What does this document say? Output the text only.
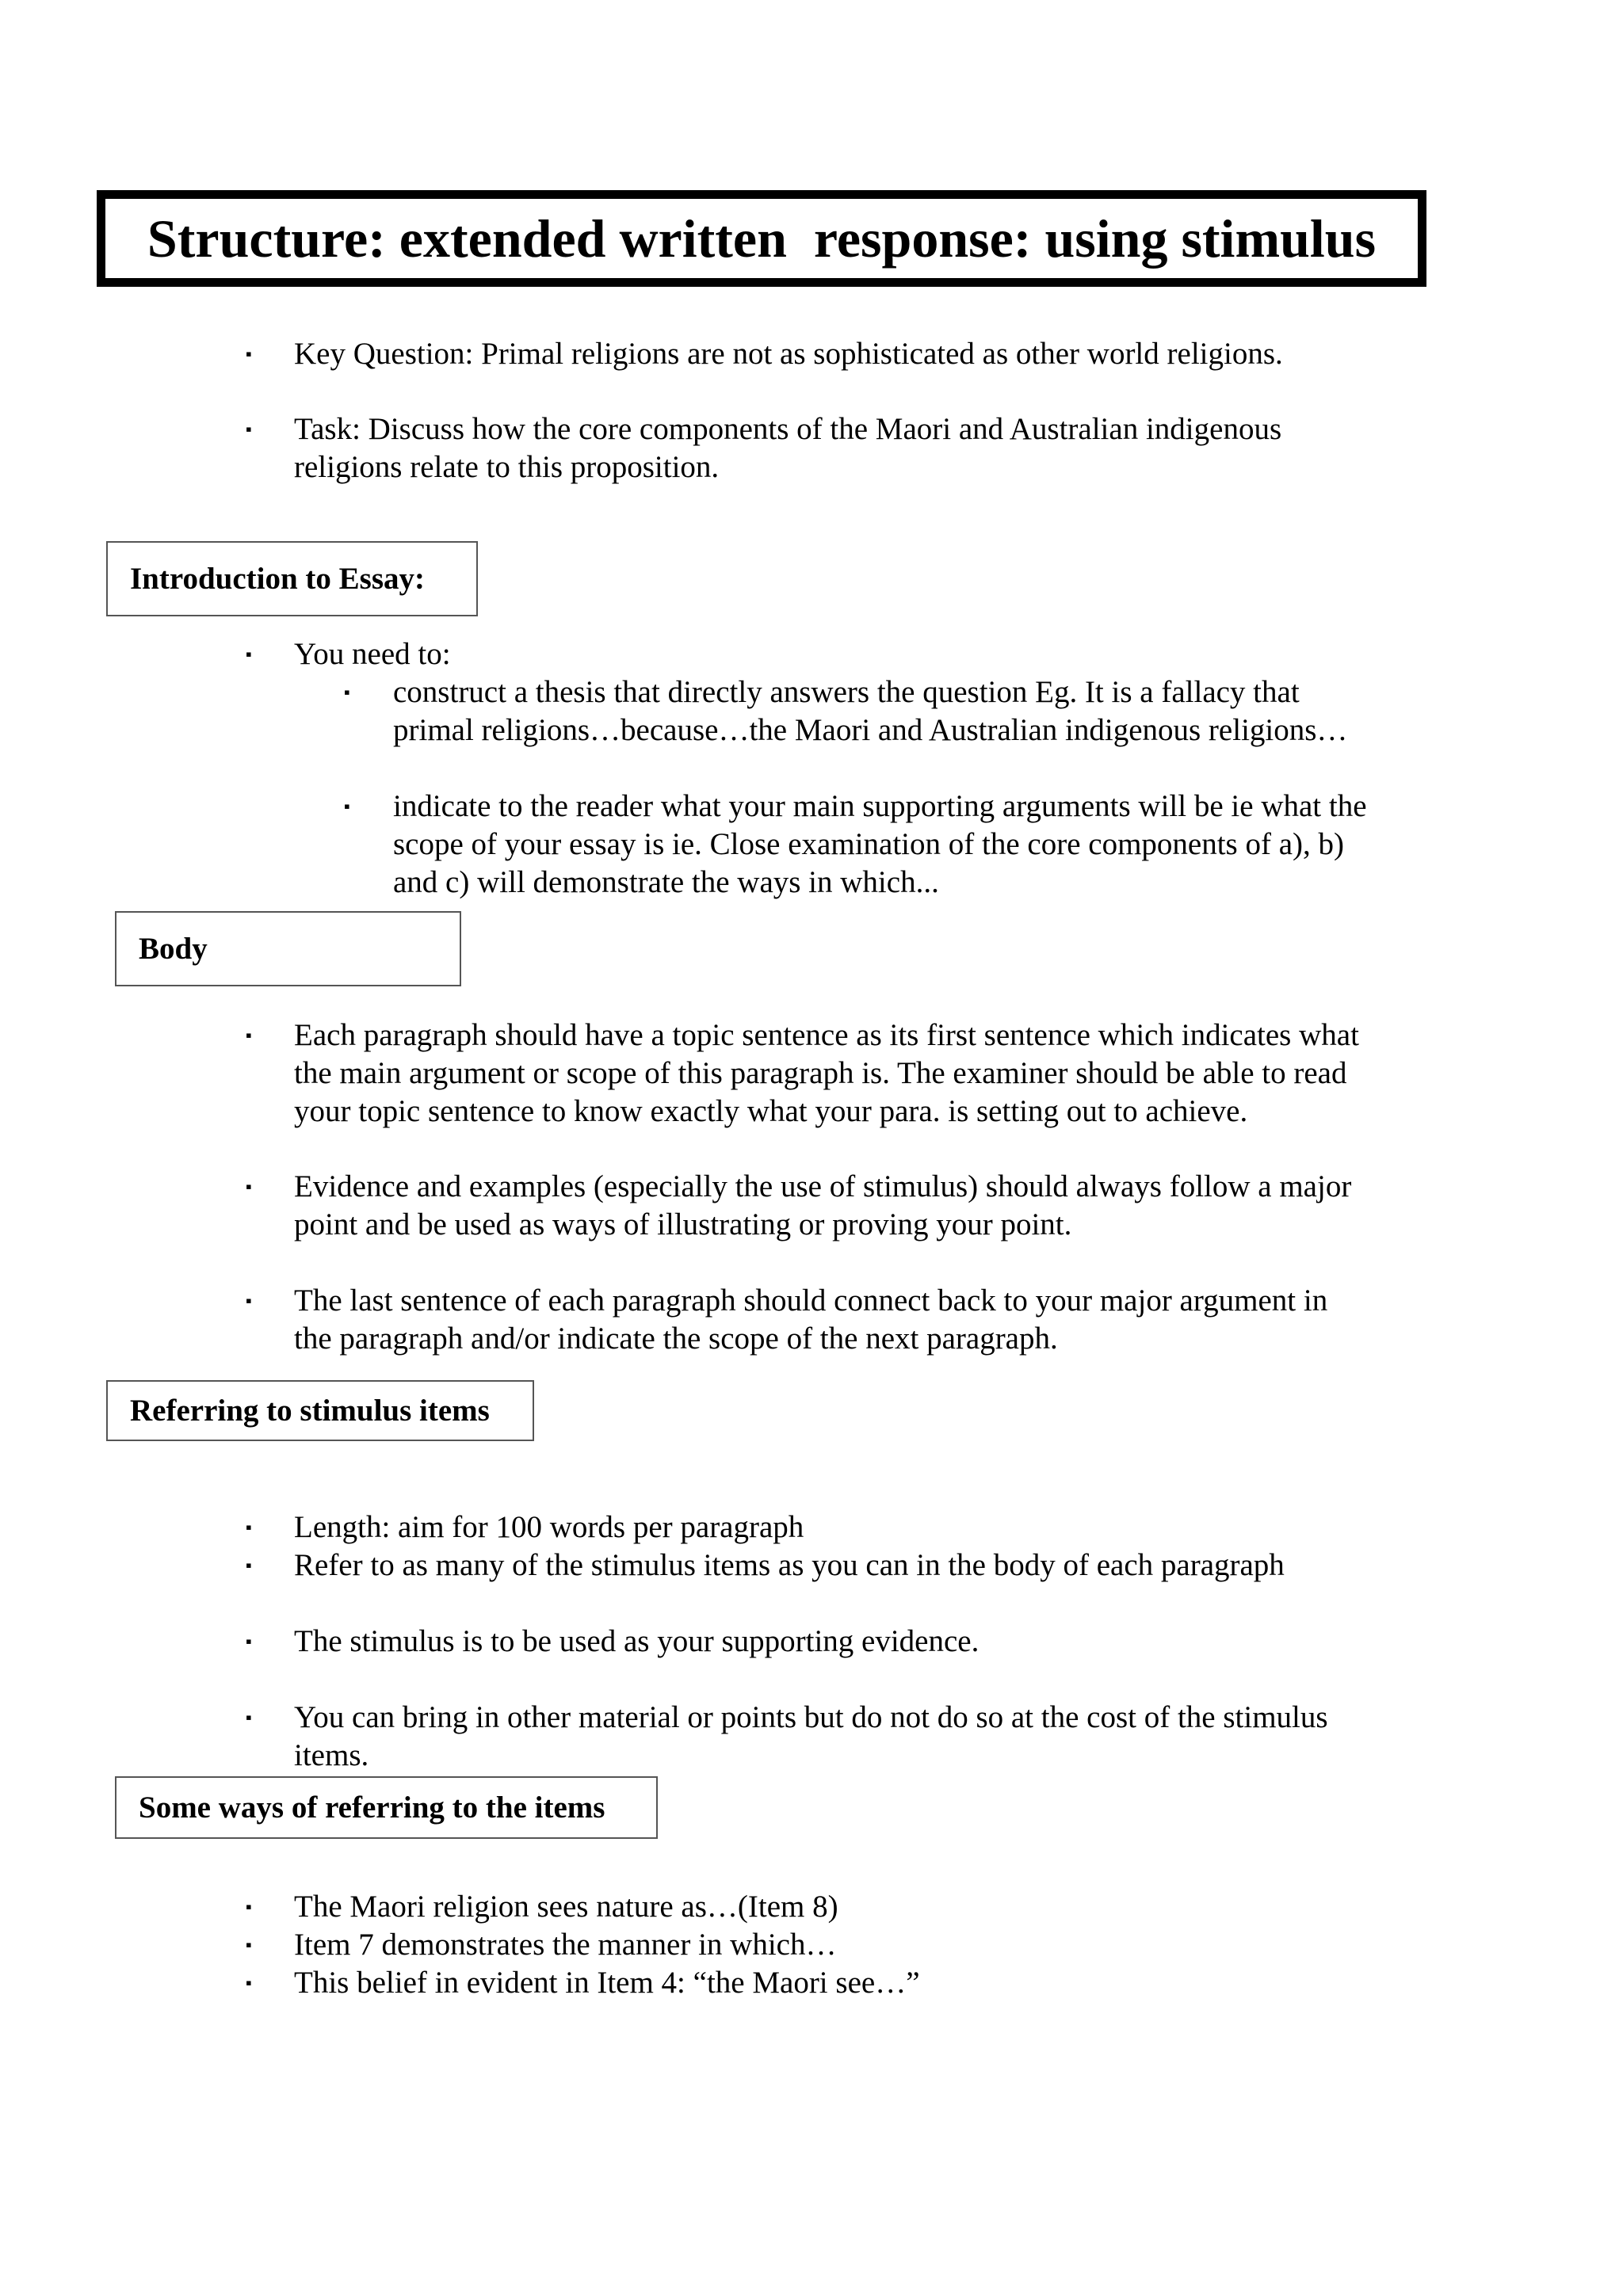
Structure: extended written  response: using stimulus
▪	Key Question: Primal religions are not as sophisticated as other world religions.
▪	Task: Discuss how the core components of the Maori and Australian indigenous
religions relate to this proposition.
Introduction to Essay:
▪	You need to:
▪	construct a thesis that directly answers the question Eg. It is a fallacy that
primal religions…because…the Maori and Australian indigenous religions…
▪	indicate to the reader what your main supporting arguments will be ie what the
scope of your essay is ie. Close examination of the core components of a), b)
and c) will demonstrate the ways in which...
Body
▪	Each paragraph should have a topic sentence as its first sentence which indicates what
the main argument or scope of this paragraph is. The examiner should be able to read
your topic sentence to know exactly what your para. is setting out to achieve.
▪	Evidence and examples (especially the use of stimulus) should always follow a major
point and be used as ways of illustrating or proving your point.
▪	The last sentence of each paragraph should connect back to your major argument in
the paragraph and/or indicate the scope of the next paragraph.
Referring to stimulus items
▪	Length: aim for 100 words per paragraph
▪	Refer to as many of the stimulus items as you can in the body of each paragraph
▪	The stimulus is to be used as your supporting evidence.
▪	You can bring in other material or points but do not do so at the cost of the stimulus
items.
Some ways of referring to the items
▪	The Maori religion sees nature as…(Item 8)
▪	Item 7 demonstrates the manner in which…
▪	This belief in evident in Item 4: “the Maori see…”
